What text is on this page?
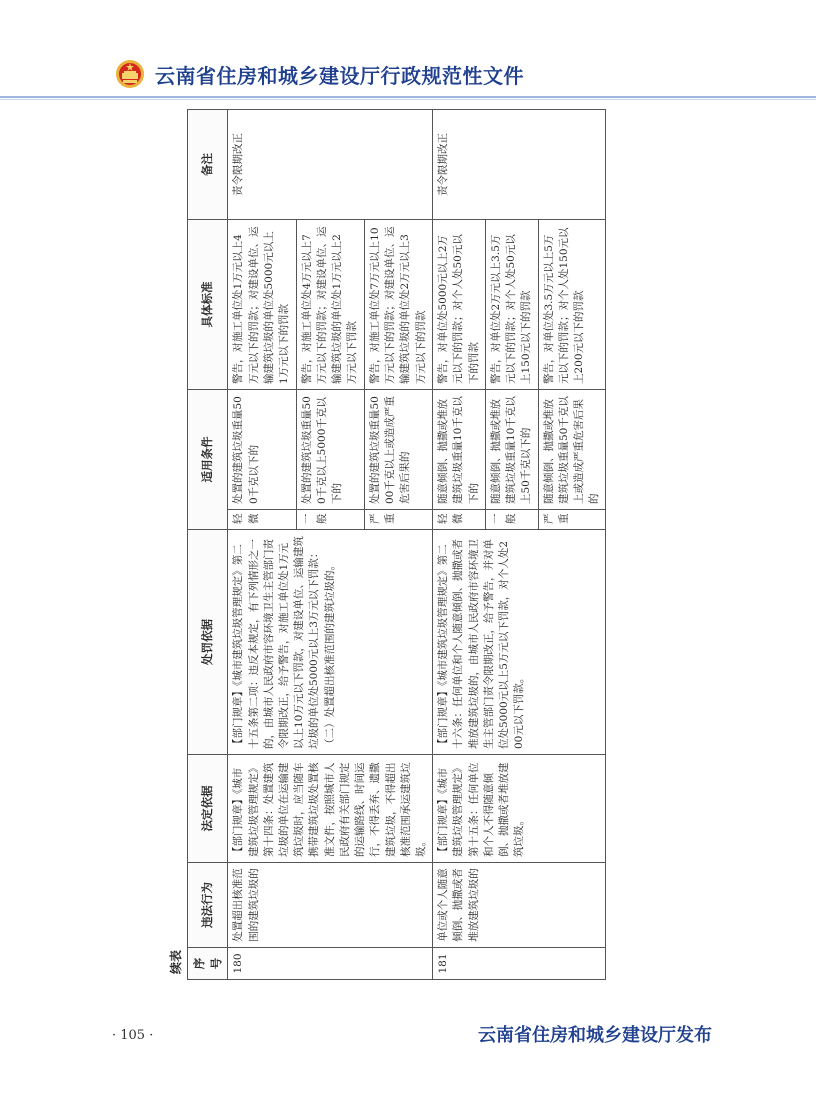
云南省住房和城乡建设厅行政规范性文件
续表 序号	违法行为	法定依据	处罚依据	适用条件		具体标准	备注
180	处置超出核准范围的建筑垃圾的	【部门规章】《城市建筑垃圾管理规定》第十四条：处置建筑垃圾的单位在运输建筑垃圾时，应当随车携带建筑垃圾处置核准文件，按照城市人民政府有关部门规定的运输路线、时间运行，不得丢弃、遗撒建筑垃圾，不得超出核准范围承运建筑垃圾。	【部门规章】《城市建筑垃圾管理规定》第二十五条第二项：违反本规定，有下列情形之一的，由城市人民政府市容环境卫生主管部门责令限期改正，给予警告，对施工单位处1万元以上10万元以下罚款，对建设单位、运输建筑垃圾的单位处5000元以上3万元以下罚款： （二）处置超出核准范围的建筑垃圾的。	轻微	处置的建筑垃圾重量500千克以下的	警告，对施工单位处1万元以上4万元以下的罚款；对建设单位、运输建筑垃圾的单位处5000元以上1万元以下的罚款	责令限期改正
				一般	处置的建筑垃圾重量500千克以上5000千克以下的	警告，对施工单位处4万元以上7万元以下的罚款；对建设单位、运输建筑垃圾的单位处1万元以上2万元以下罚款	
				严重	处置的建筑垃圾重量5000千克以上或造成严重危害后果的	警告，对施工单位处7万元以上10万元以下的罚款；对建设单位、运输建筑垃圾的单位处2万元以上3万元以下的罚款	
181	单位或个人随意倾倒、抛撒或者堆放建筑垃圾的	【部门规章】《城市建筑垃圾管理规定》第十五条：任何单位和个人不得随意倾倒、抛撒或者堆放建筑垃圾。	【部门规章】《城市建筑垃圾管理规定》第二十六条：任何单位和个人随意倾倒、抛撒或者堆放建筑垃圾的，由城市人民政府市容环境卫生主管部门责令限期改正，给予警告，并对单位处5000元以上5万元以下罚款，对个人处200元以下罚款。	轻微	随意倾倒、抛撒或堆放建筑垃圾重量10千克以下的	警告，对单位处5000元以上2万元以下的罚款；对个人处50元以下的罚款	责令限期改正
				一般	随意倾倒、抛撒或堆放建筑垃圾重量10千克以上50千克以下的	警告，对单位处2万元以上3.5万元以下的罚款；对个人处50元以上150元以下的罚款	
				严重	随意倾倒、抛撒或堆放建筑垃圾重量50千克以上或造成严重危害后果的	警告，对单位处3.5万元以上5万元以下的罚款；对个人处150元以上200元以下的罚款	
· 105 ·	云南省住房和城乡建设厅发布
